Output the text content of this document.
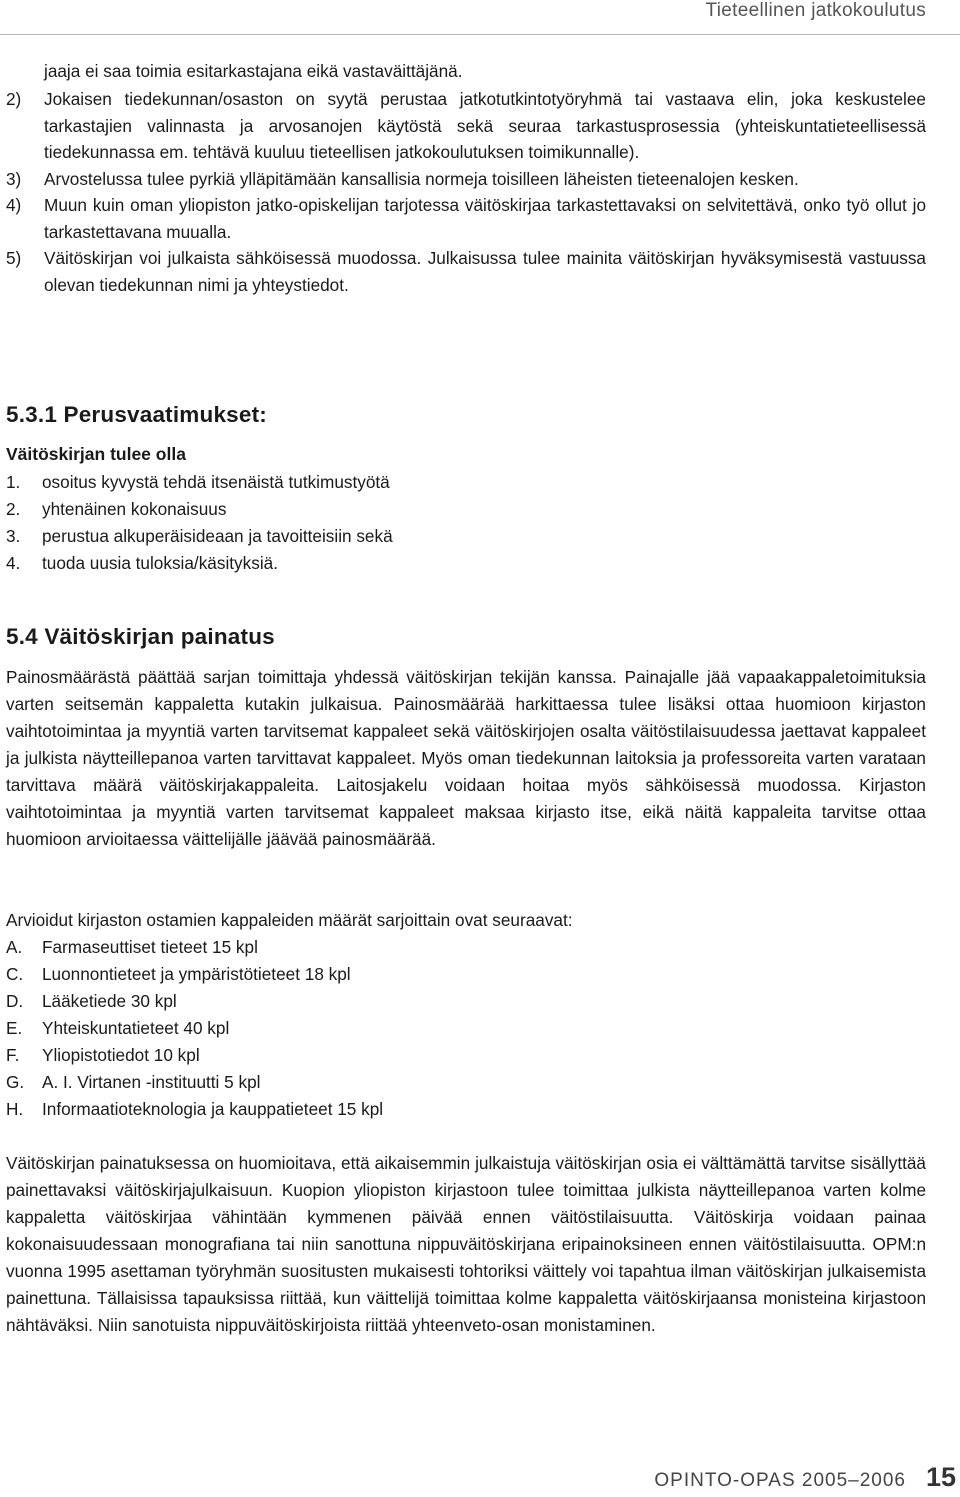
Tieteellinen jatkokoulutus

jaaja ei saa toimia esitarkastajana eikä vastaväittäjänä.

2) Jokaisen tiedekunnan/osaston on syytä perustaa jatkotutkintotyöryhmä tai vastaava elin, joka keskustelee tarkastajien valinnasta ja arvosanojen käytöstä sekä seuraa tarkastusprosessia (yhteiskuntatieteellisessä tiedekunnassa em. tehtävä kuuluu tieteellisen jatkokoulutuksen toimikunnalle).
3) Arvostelussa tulee pyrkiä ylläpitämään kansallisia normeja toisilleen läheisten tieteenalojen kesken.
4) Muun kuin oman yliopiston jatko-opiskelijan tarjotessa väitöskirjaa tarkastettavaksi on selvitettävä, onko työ ollut jo tarkastettavana muualla.
5) Väitöskirjan voi julkaista sähköisessä muodossa. Julkaisussa tulee mainita väitöskirjan hyväksymisestä vastuussa olevan tiedekunnan nimi ja yhteystiedot.
5.3.1 Perusvaatimukset:
Väitöskirjan tulee olla
1. osoitus kyvystä tehdä itsenäistä tutkimustyötä
2. yhtenäinen kokonaisuus
3. perustua alkuperäisideaan ja tavoitteisiin sekä
4. tuoda uusia tuloksia/käsityksiä.
5.4 Väitöskirjan painatus

Painosmäärästä päättää sarjan toimittaja yhdessä väitöskirjan tekijän kanssa. Painajalle jää vapaakappaletoimituksia varten seitsemän kappaletta kutakin julkaisua. Painosmäärää harkittaessa tulee lisäksi ottaa huomioon kirjaston vaihtotoimintaa ja myyntiä varten tarvitsemat kappaleet sekä väitöskirjojen osalta väitöstilaisuudessa jaettavat kappaleet ja julkista näytteillepanoa varten tarvittavat kappaleet. Myös oman tiedekunnan laitoksia ja professoreita varten varataan tarvittava määrä väitöskirjakappaleita. Laitosjakelu voidaan hoitaa myös sähköisessä muodossa. Kirjaston vaihtotoimintaa ja myyntiä varten tarvitsemat kappaleet maksaa kirjasto itse, eikä näitä kappaleita tarvitse ottaa huomioon arvioitaessa väittelijälle jäävää painosmäärää.

Arvioidut kirjaston ostamien kappaleiden määrät sarjoittain ovat seuraavat:

A. Farmaseuttiset tieteet 15 kpl
C. Luonnontieteet ja ympäristötieteet 18 kpl
D. Lääketiede 30 kpl
E. Yhteiskuntatieteet 40 kpl
F. Yliopistotiedot 10 kpl
G. A. I. Virtanen -instituutti 5 kpl
H. Informaatioteknologia ja kauppatieteet 15 kpl

Väitöskirjan painatuksessa on huomioitava, että aikaisemmin julkaistuja väitöskirjan osia ei välttämättä tarvitse sisällyttää painettavaksi väitöskirjajulkaisuun. Kuopion yliopiston kirjastoon tulee toimittaa julkista näytteillepanoa varten kolme kappaletta väitöskirjaa vähintään kymmenen päivää ennen väitöstilaisuutta. Väitöskirja voidaan painaa kokonaisuudessaan monografiana tai niin sanottuna nippuväitöskirjana eripainoksineen ennen väitöstilaisuutta. OPM:n vuonna 1995 asettaman työryhmän suositusten mukaisesti tohtoriksi väittely voi tapahtua ilman väitöskirjan julkaisemista painettuna. Tällaisissa tapauksissa riittää, kun väittelijä toimittaa kolme kappaletta väitöskirjaansa monisteina kirjastoon nähtäväksi. Niin sanotuista nippuväitöskirjoista riittää yhteenveto-osan monistaminen.

OPINTO-OPAS 2005–2006 15
